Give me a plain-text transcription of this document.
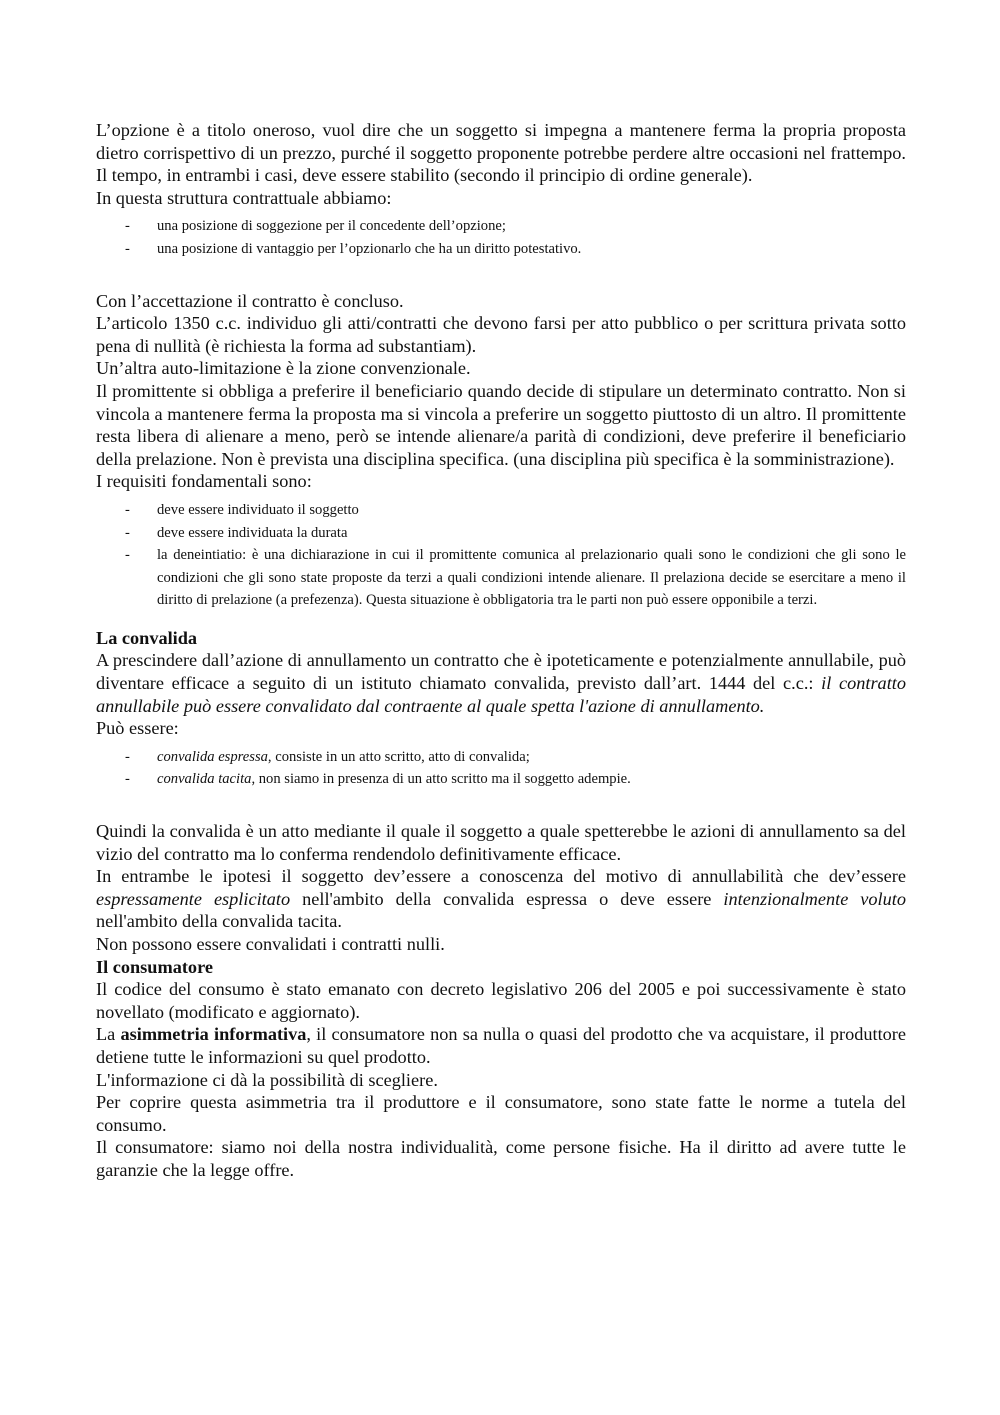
L’opzione è a titolo oneroso, vuol dire che un soggetto si impegna a mantenere ferma la propria proposta dietro corrispettivo di un prezzo, purché il soggetto proponente potrebbe perdere altre occasioni nel frattempo. Il tempo, in entrambi i casi, deve essere stabilito (secondo il principio di ordine generale).

In questa struttura contrattuale abbiamo:

- una posizione di soggezione per il concedente dell’opzione;
- una posizione di vantaggio per l’opzionarlo che ha un diritto potestativo.

Con l’accettazione il contratto è concluso.

L’articolo 1350 c.c. individuo gli atti/contratti che devono farsi per atto pubblico o per scrittura privata sotto pena di nullità (è richiesta la forma ad substantiam).

Un’altra auto-limitazione è la zione convenzionale.

Il promittente si obbliga a preferire il beneficiario quando decide di stipulare un determinato contratto. Non si vincola a mantenere ferma la proposta ma si vincola a preferire un soggetto piuttosto di un altro. Il promittente resta libera di alienare a meno, però se intende alienare/a parità di condizioni, deve preferire il beneficiario della prelazione. Non è prevista una disciplina specifica. (una disciplina più specifica è la somministrazione).

I requisiti fondamentali sono:

- deve essere individuato il soggetto
- deve essere individuata la durata
- la deneintiatio: è una dichiarazione in cui il promittente comunica al prelazionario quali sono le condizioni che gli sono le condizioni che gli sono state proposte da terzi a quali condizioni intende alienare. Il prelaziona decide se esercitare a meno il diritto di prelazione (a prefezenza). Questa situazione è obbligatoria tra le parti non può essere opponibile a terzi.

La convalida

A prescindere dall’azione di annullamento un contratto che è ipoteticamente e potenzialmente annullabile, può diventare efficace a seguito di un istituto chiamato convalida, previsto dall’art. 1444 del c.c.: il contratto annullabile può essere convalidato dal contraente al quale spetta l'azione di annullamento.

Può essere:

- convalida espressa, consiste in un atto scritto, atto di convalida;
- convalida tacita, non siamo in presenza di un atto scritto ma il soggetto adempie.

Quindi la convalida è un atto mediante il quale il soggetto a quale spetterebbe le azioni di annullamento sa del vizio del contratto ma lo conferma rendendolo definitivamente efficace.

In entrambe le ipotesi il soggetto dev’essere a conoscenza del motivo di annullabilità che dev’essere espressamente esplicitato nell'ambito della convalida espressa o deve essere intenzionalmente voluto nell'ambito della convalida tacita.

Non possono essere convalidati i contratti nulli.

Il consumatore

Il codice del consumo è stato emanato con decreto legislativo 206 del 2005 e poi successivamente è stato novellato (modificato e aggiornato).

La asimmetria informativa, il consumatore non sa nulla o quasi del prodotto che va acquistare, il produttore detiene tutte le informazioni su quel prodotto.

L'informazione ci dà la possibilità di scegliere.

Per coprire questa asimmetria tra il produttore e il consumatore, sono state fatte le norme a tutela del consumo.

Il consumatore: siamo noi della nostra individualità, come persone fisiche. Ha il diritto ad avere tutte le garanzie che la legge offre.
